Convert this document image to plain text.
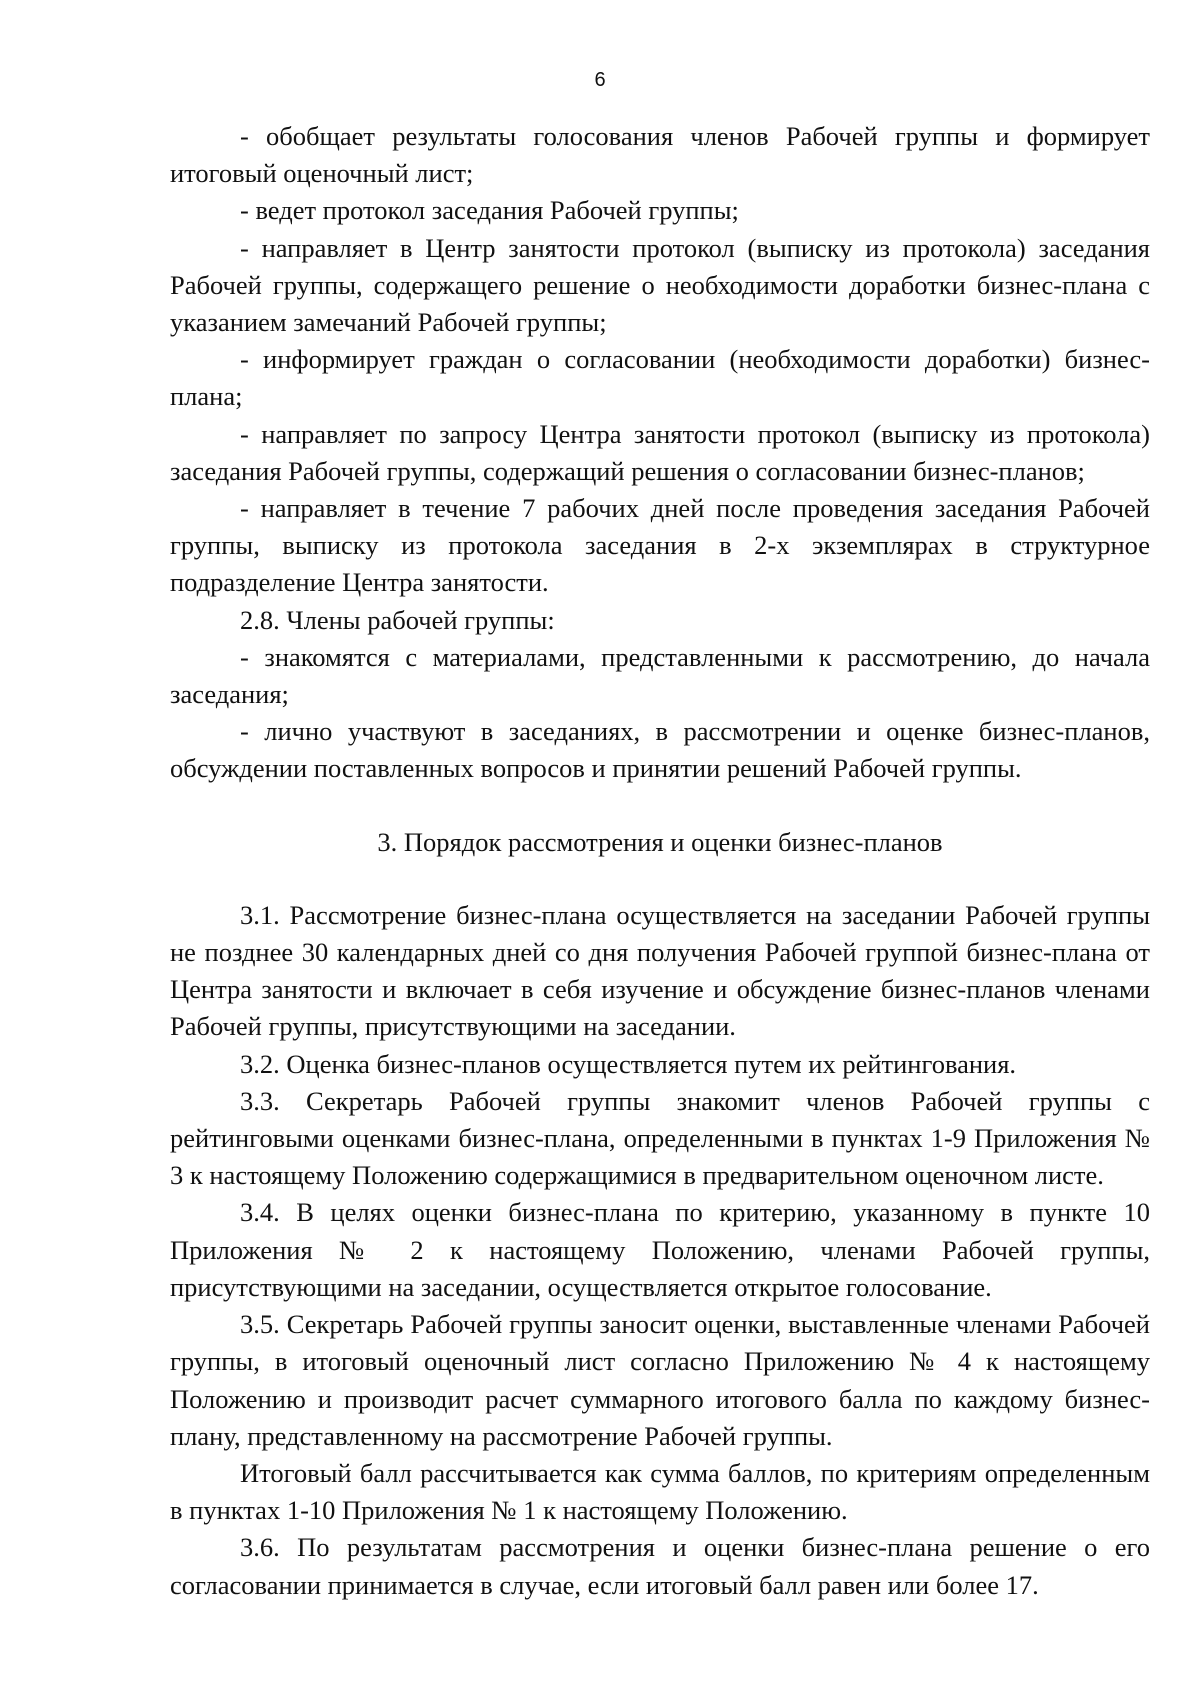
6

- обобщает результаты голосования членов Рабочей группы и формирует итоговый оценочный лист;

- ведет протокол заседания Рабочей группы;

- направляет в Центр занятости протокол (выписку из протокола) заседания Рабочей группы, содержащего решение о необходимости доработки бизнес-плана с указанием замечаний Рабочей группы;

- информирует граждан о согласовании (необходимости доработки) бизнес-плана;

- направляет по запросу Центра занятости протокол (выписку из протокола) заседания Рабочей группы, содержащий решения о согласовании бизнес-планов;

- направляет в течение 7 рабочих дней после проведения заседания Рабочей группы, выписку из протокола заседания в 2-х экземплярах в структурное подразделение Центра занятости.

2.8. Члены рабочей группы:

- знакомятся с материалами, представленными к рассмотрению, до начала заседания;

- лично участвуют в заседаниях, в рассмотрении и оценке бизнес-планов, обсуждении поставленных вопросов и принятии решений Рабочей группы.

3. Порядок рассмотрения и оценки бизнес-планов

3.1. Рассмотрение бизнес-плана осуществляется на заседании Рабочей группы не позднее 30 календарных дней со дня получения Рабочей группой бизнес-плана от Центра занятости и включает в себя изучение и обсуждение бизнес-планов членами Рабочей группы, присутствующими на заседании.

3.2. Оценка бизнес-планов осуществляется путем их рейтингования.

3.3. Секретарь Рабочей группы знакомит членов Рабочей группы с рейтинговыми оценками бизнес-плана, определенными в пунктах 1-9 Приложения № 3 к настоящему Положению содержащимися в предварительном оценочном листе.

3.4. В целях оценки бизнес-плана по критерию, указанному в пункте 10 Приложения № 2 к настоящему Положению, членами Рабочей группы, присутствующими на заседании, осуществляется открытое голосование.

3.5. Секретарь Рабочей группы заносит оценки, выставленные членами Рабочей группы, в итоговый оценочный лист согласно Приложению № 4 к настоящему Положению и производит расчет суммарного итогового балла по каждому бизнес-плану, представленному на рассмотрение Рабочей группы.

Итоговый балл рассчитывается как сумма баллов, по критериям определенным в пунктах 1-10 Приложения № 1 к настоящему Положению.

3.6. По результатам рассмотрения и оценки бизнес-плана решение о его согласовании принимается в случае, если итоговый балл равен или более 17.
